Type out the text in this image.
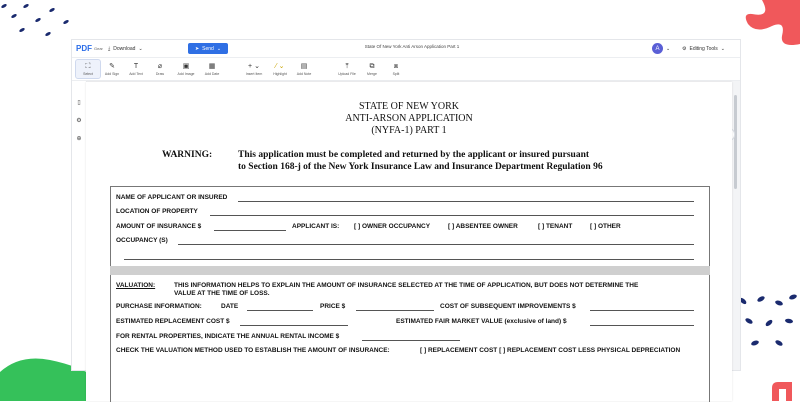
PDF Gear ⤓ Download ⌄	➤ Send ⌄	State Of New York Anti Arson Application Part 1	A	⌄ ⚙ Editing Tools ⌄
⛶
Select
✎
Add Sign
T
Add Text
⌀
Draw
▣
Add Image
▦
Add Date
+ ⌄
Insert Item
⁄ ⌄
Highlight
▤
Add Note
⤒
Upload File
⧉
Merge
⧈
Split
▯
⚙
⊕
STATE OF NEW YORK
ANTI-ARSON APPLICATION
(NYFA-1) PART 1
WARNING:	This application must be completed and returned by the applicant or insured pursuant
to Section 168-j of the New York Insurance Law and Insurance Department Regulation 96
NAME OF APPLICANT OR INSURED
LOCATION OF PROPERTY
AMOUNT OF INSURANCE $	APPLICANT IS: [ ] OWNER OCCUPANCY	[ ] ABSENTEE OWNER	[ ] TENANT	[ ] OTHER
OCCUPANCY (S)
VALUATION:	THIS INFORMATION HELPS TO EXPLAIN THE AMOUNT OF INSURANCE SELECTED AT THE TIME OF APPLICATION, BUT DOES NOT DETERMINE THE
VALUE AT THE TIME OF LOSS.
PURCHASE INFORMATION:	DATE	PRICE $	COST OF SUBSEQUENT IMPROVEMENTS $
ESTIMATED REPLACEMENT COST $	ESTIMATED FAIR MARKET VALUE (exclusive of land) $
FOR RENTAL PROPERTIES, INDICATE THE ANNUAL RENTAL INCOME $
CHECK THE VALUATION METHOD USED TO ESTABLISH THE AMOUNT OF INSURANCE:	[ ] REPLACEMENT COST [ ] REPLACEMENT COST LESS PHYSICAL DEPRECIATION
